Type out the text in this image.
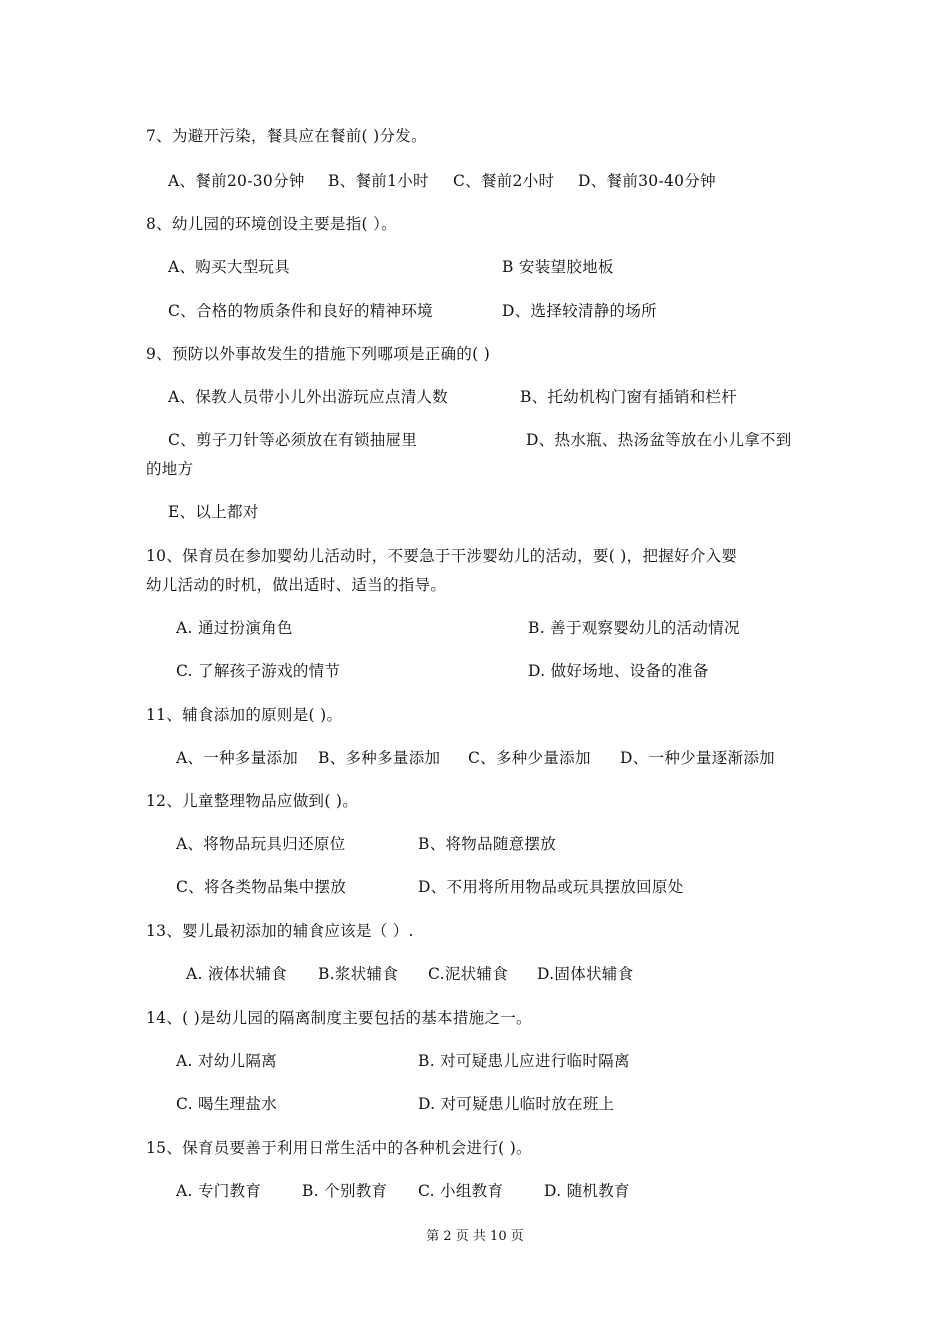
7、为避开污染，餐具应在餐前( )分发。
A、餐前20-30分钟 B、餐前1小时 C、餐前2小时 D、餐前30-40分钟
8、幼儿园的环境创设主要是指( ）。
A、购买大型玩具	B 安装望胶地板
C、合格的物质条件和良好的精神环境	D、选择较清静的场所
9、预防以外事故发生的措施下列哪项是正确的( )
A、保教人员带小儿外出游玩应点清人数	B、托幼机构门窗有插销和栏杆
C、剪子刀针等必须放在有锁抽屉里	D、热水瓶、热汤盆等放在小儿拿不到
的地方
E、以上都对
10、保育员在参加婴幼儿活动时，不要急于干涉婴幼儿的活动，要( )，把握好介入婴
幼儿活动的时机，做出适时、适当的指导。
A. 通过扮演角色	B. 善于观察婴幼儿的活动情况
C. 了解孩子游戏的情节	D. 做好场地、设备的准备
11、辅食添加的原则是( )。
A、一种多量添加 B、多种多量添加 C、多种少量添加 D、一种少量逐渐添加
12、儿童整理物品应做到( )。
A、将物品玩具归还原位	B、将物品随意摆放
C、将各类物品集中摆放	D、不用将所用物品或玩具摆放回原处
13、婴儿最初添加的辅食应该是（ ）.
A. 液体状辅食 B.浆状辅食 C.泥状辅食 D.固体状辅食
14、( )是幼儿园的隔离制度主要包括的基本措施之一。
A. 对幼儿隔离	B. 对可疑患儿应进行临时隔离
C. 喝生理盐水	D. 对可疑患儿临时放在班上
15、保育员要善于利用日常生活中的各种机会进行( )。
A. 专门教育	B. 个别教育 C. 小组教育	D. 随机教育
第 2 页 共 10 页
